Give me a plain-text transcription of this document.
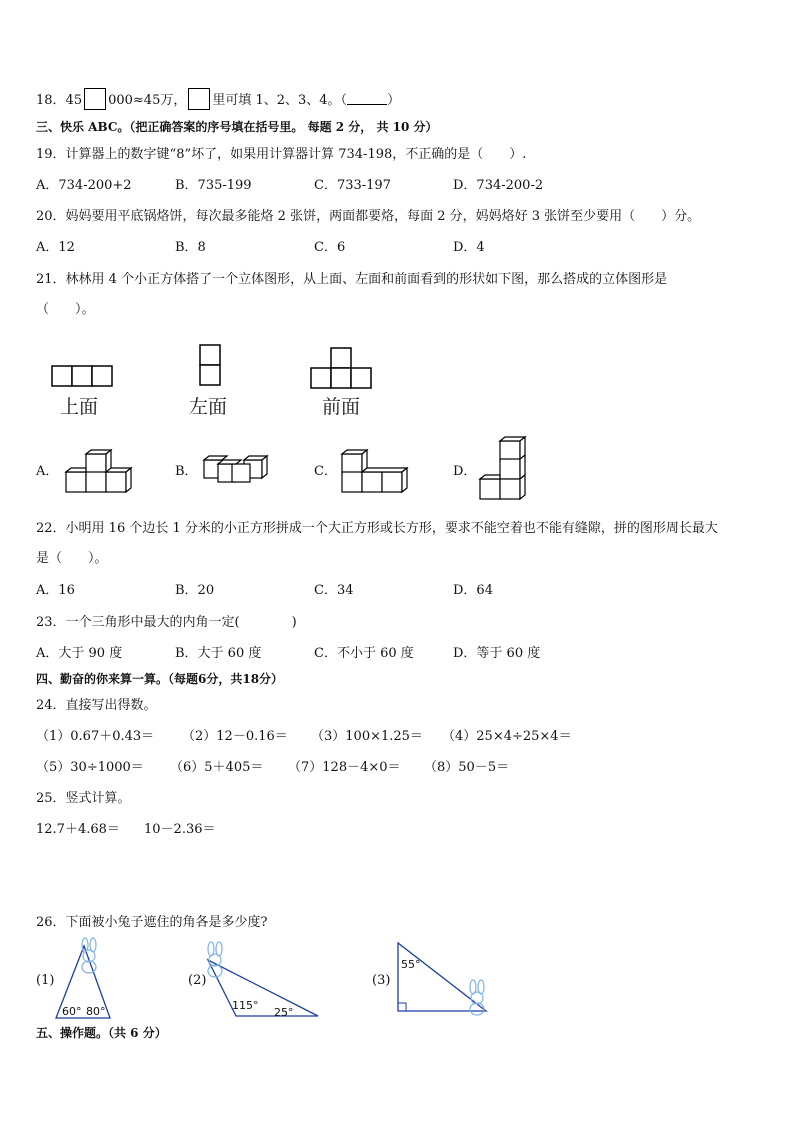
18．45 000≈45万， 里可填 1、2、3、4。（	）
三、快乐 ABC。（把正确答案的序号填在括号里。 每题 2 分， 共 10 分）
19．计算器上的数字键“8”坏了，如果用计算器计算 734-198，不正确的是（　　）.
A．734-200+2	B．735-199	C．733-197	D．734-200-2
20．妈妈要用平底锅烙饼，每次最多能烙 2 张饼，两面都要烙，每面 2 分，妈妈烙好 3 张饼至少要用（　　）分。
A．12	B．8	C．6	D．4
21．林林用 4 个小正方体搭了一个立体图形，从上面、左面和前面看到的形状如下图，那么搭成的立体图形是
（　　）。
上面	左面	前面
A．	B．	C．	D．
22．小明用 16 个边长 1 分米的小正方形拼成一个大正方形或长方形，要求不能空着也不能有缝隙，拼的图形周长最大
是（　　）。
A．16	B．20	C．34	D．64
23．一个三角形中最大的内角一定(　　　　)
A．大于 90 度	B．大于 60 度	C．不小于 60 度	D．等于 60 度
四、勤奋的你来算一算。（每题6分，共18分）
24．直接写出得数。
（1）0.67＋0.43＝ （2）12－0.16＝ （3）100×1.25＝ （4）25×4÷25×4＝
（5）30÷1000＝ （6）5＋405＝ （7）128－4×0＝ （8）50－5＝
25．竖式计算。
12.7＋4.68＝ 10－2.36＝
26．下面被小兔子遮住的角各是多少度?
(1)
60° 80°
(2)
115°
25°
(3)
55°
五、操作题。（共 6 分）
